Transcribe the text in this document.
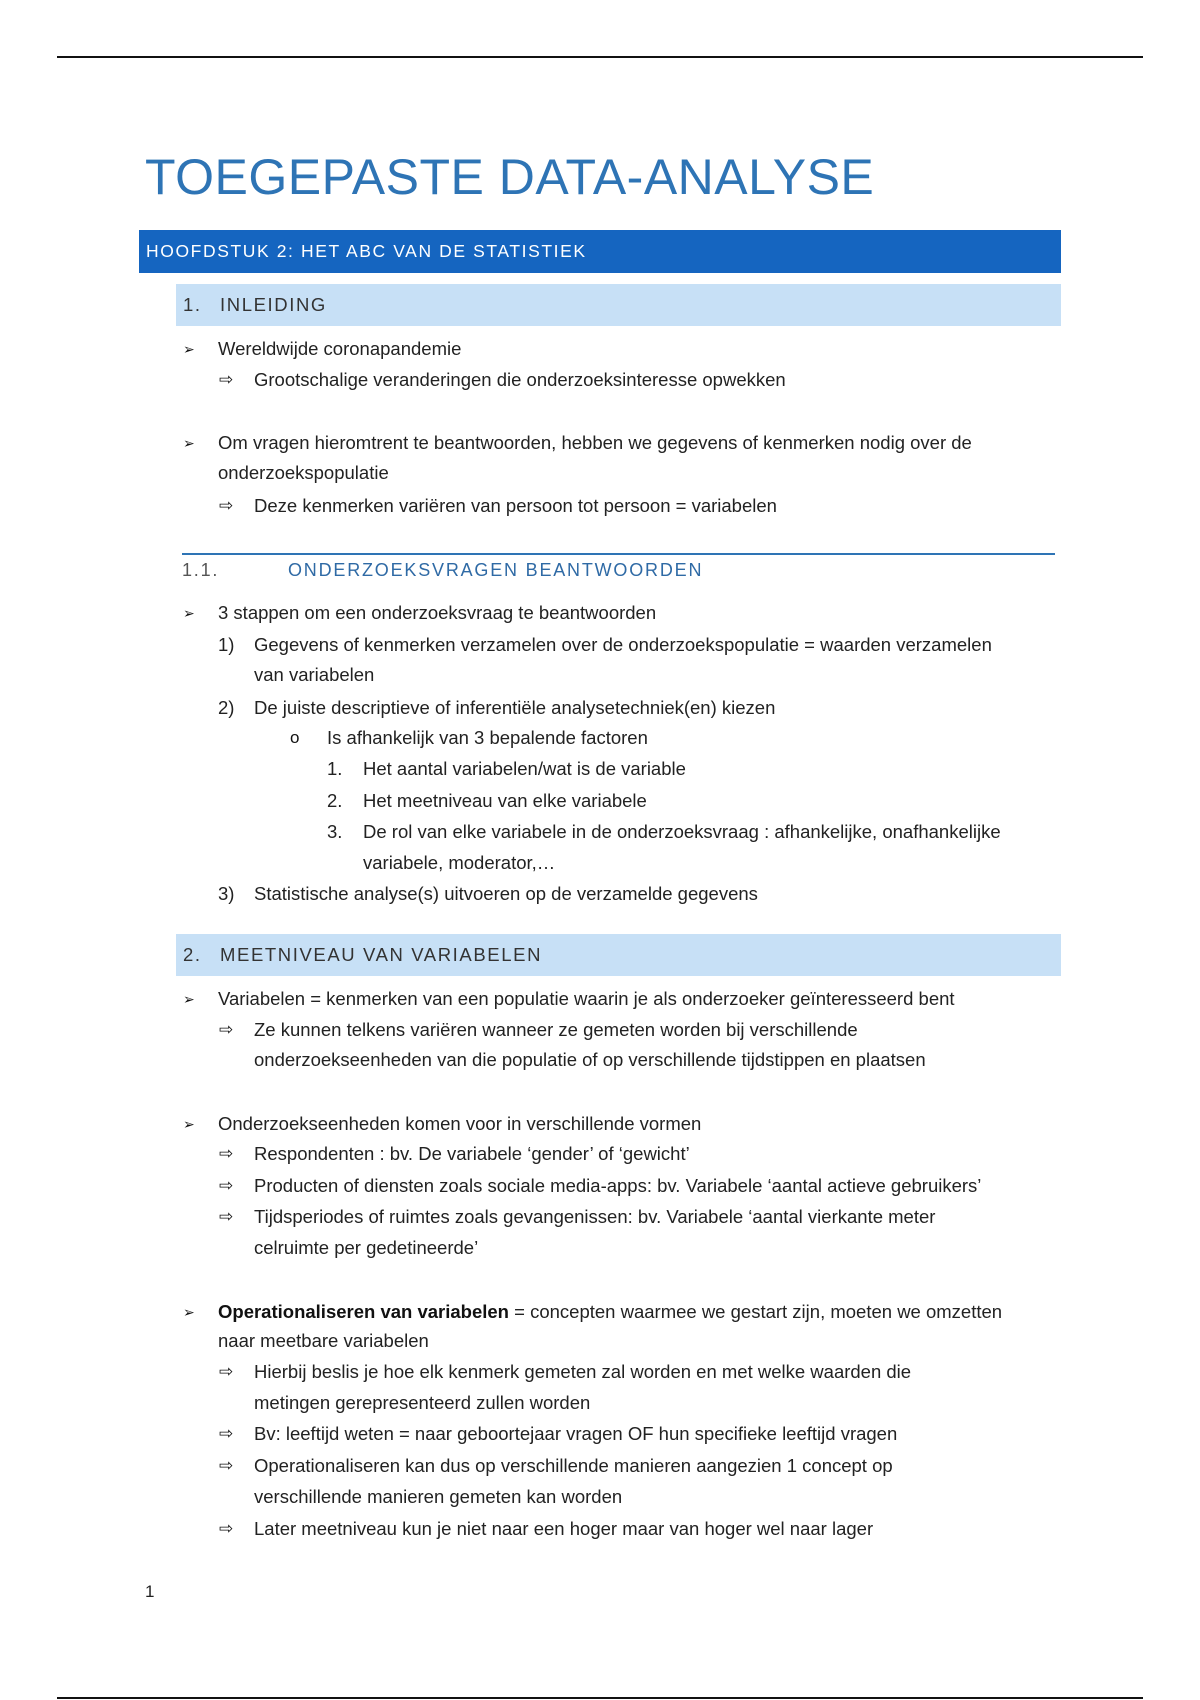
TOEGEPASTE DATA-ANALYSE
HOOFDSTUK 2: HET ABC VAN DE STATISTIEK
1. INLEIDING
➢ Wereldwijde coronapandemie
⇨ Grootschalige veranderingen die onderzoeksinteresse opwekken
➢ Om vragen hieromtrent te beantwoorden, hebben we gegevens of kenmerken nodig over de
onderzoekspopulatie
⇨ Deze kenmerken variëren van persoon tot persoon = variabelen
1.1.	ONDERZOEKSVRAGEN BEANTWOORDEN
➢ 3 stappen om een onderzoeksvraag te beantwoorden
1) Gegevens of kenmerken verzamelen over de onderzoekspopulatie = waarden verzamelen
van variabelen
2) De juiste descriptieve of inferentiële analysetechniek(en) kiezen
o Is afhankelijk van 3 bepalende factoren
1. Het aantal variabelen/wat is de variable
2. Het meetniveau van elke variabele
3. De rol van elke variabele in de onderzoeksvraag : afhankelijke, onafhankelijke
variabele, moderator,…
3) Statistische analyse(s) uitvoeren op de verzamelde gegevens
2. MEETNIVEAU VAN VARIABELEN
➢ Variabelen = kenmerken van een populatie waarin je als onderzoeker geïnteresseerd bent
⇨ Ze kunnen telkens variëren wanneer ze gemeten worden bij verschillende
onderzoekseenheden van die populatie of op verschillende tijdstippen en plaatsen
➢ Onderzoekseenheden komen voor in verschillende vormen
⇨ Respondenten : bv. De variabele ‘gender’ of ‘gewicht’
⇨ Producten of diensten zoals sociale media-apps: bv. Variabele ‘aantal actieve gebruikers’
⇨ Tijdsperiodes of ruimtes zoals gevangenissen: bv. Variabele ‘aantal vierkante meter
celruimte per gedetineerde’
➢ Operationaliseren van variabelen = concepten waarmee we gestart zijn, moeten we omzetten
naar meetbare variabelen
⇨ Hierbij beslis je hoe elk kenmerk gemeten zal worden en met welke waarden die
metingen gerepresenteerd zullen worden
⇨ Bv: leeftijd weten = naar geboortejaar vragen OF hun specifieke leeftijd vragen
⇨ Operationaliseren kan dus op verschillende manieren aangezien 1 concept op
verschillende manieren gemeten kan worden
⇨ Later meetniveau kun je niet naar een hoger maar van hoger wel naar lager
1
